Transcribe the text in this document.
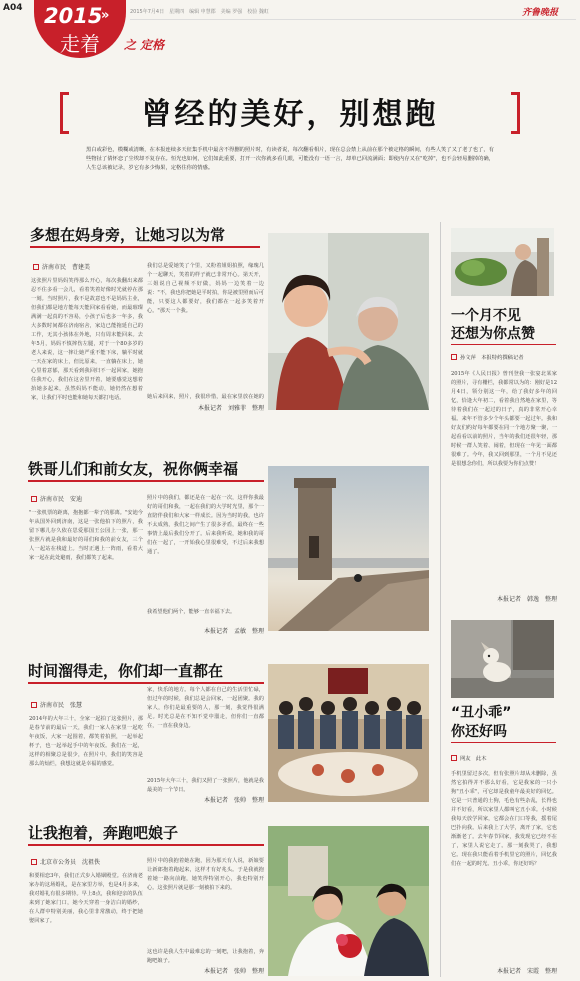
A04 2015
»
走着 之 定格
2015年7月4日　星期四　编辑 申慧郡　美编 罗强　校验 魏虹	齐鲁晚报
曾经的美好，别想跑
黑白或彩色，模糊或清晰，在本报连续多天征集手机中最舍不得删的照片时，有读者说，每次翻看相片，现在总会禁上从前在那个被定格的瞬间，有些人笑了又了老了也了，有些物扯了倩怀恋了尘埃却不复存在。恒光也如何，它们如此重要，打开一次你就多看几眼，可能没有一语一言，却单已回流满面；即使内存又在"吃掉"，也不会轻易删掉的确，人生总该被记录，岁它有多少悔果，定格住你的情感。
多想在妈身旁，让她习以为常
济南市民　曹建美
这张照片里妈妈笑得那么开心，每次我翻出来都忍不住多看一会儿，看着笑着好像时光就停在那一刻。当时照片，我不是故意也不是妈妈主业，但我们都是地方能每天能回家看看她，而最璀璨满满一起真的不容易，小孩子后也多一年多，我大多数时间都在济南宿舍，家边已能拖延自己的工作，无其小孩体在外地，只有周末能回来。去年5月，妈妈不慎摔伤左腿，对于一个80多岁的老人来说，这一摔让她严重不能下床，躺平时就一天在家的床上，但比原来，一直躺在床上，她心里着意郁，那天看到我回归不一起回家，她抱住我开心，我们在这舍里开着，她要感觉这想着抬她多起来，虽然妈妈不能动，她仍然在想着家，让我们平时也能和她每天都打电话。
我们总是爱她笑了个里，又粉着姐姐拍照，缘瑰几个一起聊天，笑着的样子就已非常开心。第天开，三姐说自己视频不好做，妈妈一边笑着一边说："不，我也你把她是平时拍，你是被里照而后可能，只要这人都要好，我们都在一起多笑着开心。"那天一个我。
她后来回来，照片，我很珍惜，最在家里放在她的
本报记者　刘雅菲　整理
铁哥儿们和前女友，祝你俩幸福
济南市民　安迪
"一张机票的距离，抱抱都一辈子的那离。"安迪今年从国外回到济南，这是一张他拍下的照片，我留下哪儿存久依在思爱那国王公园上一张，那一张照片就是我和最好的哥们和我的前女友，三个人一起站在栈道上。当时正遇上一阵雨，看着大家一起在此处避雨，我们都笑了起来。
照片中的我们，都还是在一起在一次，这样你我最好的哥们和我，一起在我们的大学时光里，那个一直陪伴我们和大家一样成长。因为当时的我，也许不太成熟，我们之间产生了很多矛盾，最终在一些事情上最后我们分开了。后来我听说，她和我的哥们在一起了，一开始我心里很难受，不过后来我想通了。
我希望他们两个，能够一直幸福下去。
本报记者　孟敏　整理
时间溜得走，你们却一直都在
济南市民　张慧
2014年的大年三十，全家一起拍了这张照片，那是春节前的最后一天，我们一家人在家里一起吃年夜饭，大家一起围着，都笑着拍照，一起举起杯子，也一起举起手中的年夜饭。我们在一起，这样的相聚总是很少，在照片中，我们的笑容是那么的灿烂，我想这就是幸福的感觉。
家，快乐的地方。每个人都在自己的生活里忙碌，但过年的时候，我们总是会回家，一起团聚。我的家人，你们是最重要的人，那一刻，我觉得很满足。时光总是在不知不觉中溜走，但你们一直都在，一直在我身边。
2015年大年三十，我们又照了一张照片，他就是我最美的一个节日。
本报记者　张帅　整理
让我抱着，奔跑吧娘子
北京市公务员　沈祖佚
和要相恋3年，我们正式步入婚姻殿堂。在济南老家办的这场婚礼，是在家里方举，也是4月多来，我对婚礼有很多期待。早上8点，我和迎亲的队伍来到了她家门口，她今天穿着一身洁白的婚纱，在人群中特别美丽，我心里非常激动，终于把她娶回家了。
照片中的我抱着她在跑，因为那天有人说，新娘要让新郎抱着跑起来，这样才有好兆头。于是我就抱着她一路向前跑，她笑得特别开心，我也特别开心。这张照片就是那一刻被拍下来的。
这也许是我人生中最难忘的一刻吧，让我抱着，奔跑吧娘子。
本报记者　张帅　整理
一个月不见
还想为你点赞
孙文萍　本报特约撰稿记者
2015年《人民日报》曾刊登我一张宴北某家的照片，寻有栅栏，我都常以为的：刚好是12月4日，领分别这一年，给了我好多年的回忆，恰逢大年初二，看着我自然地在家里，等待着我们在一起过的日子，真的非常开心幸福。来年不管多少个年头都要一起过年。我和好友们约好每年都要在同一个地方聚一聚，一起看看以前的照片，当年的我们还很年轻，那时候一群人笑着、闹着，但现在一年见一面都很难了。今年，我又回到那里，一个月不见还是很想念你们，所以我要为你们点赞！
本报记者　韩逸　整理
“丑小乖”
你还好吗
网友　此木
手机里留过多次，但有张照片却从未删除，虽然它拍得并不那么好看，它是我家的一只小狗"丑小乖"，可它却是我童年最美好的回忆。它是一只普通的土狗，毛色有些杂乱，长得也并不好看，所以家里人都叫它丑小乖。小时候我每天放学回家，它都会在门口等我，摇着尾巴扑向我。后来我上了大学，离开了家，它也渐渐老了。去年春节回家，我发现它已经不在了，家里人说它走了。那一刻我哭了，我想它。现在我只能看着手机里它的照片，回忆我们在一起的时光。丑小乖，你还好吗？
本报记者　宋霞　整理
